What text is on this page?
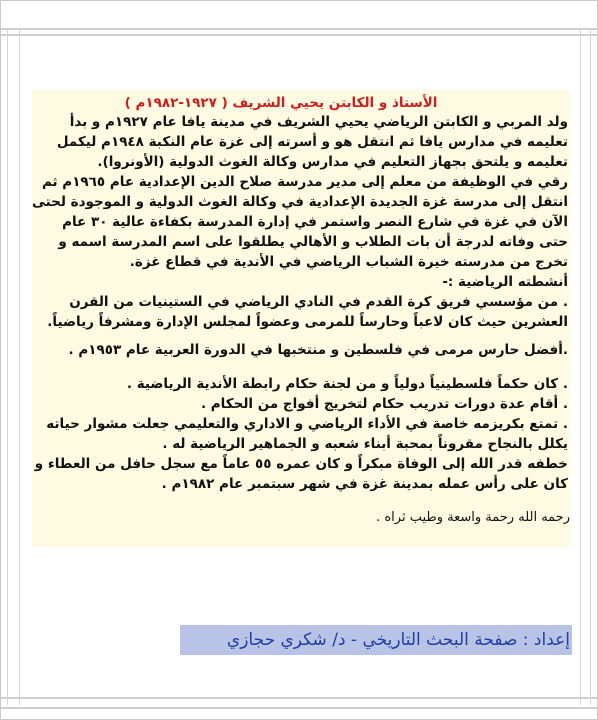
الأستاذ و الكابتن يحيي الشريف ( ١٩٢٧-١٩٨٢م )

ولد المربي و الكابتن الرياضي يحيي الشريف في مدينة يافا عام ١٩٢٧م و بدأ تعليمه في مدارس يافا ثم انتقل هو و أسرته إلى غزة عام النكبة ١٩٤٨م ليكمل تعليمه و يلتحق بجهاز التعليم في مدارس وكالة الغوث الدولية (الأونروا).

رقي في الوظيفة من معلم إلى مدير مدرسة صلاح الدين الإعدادية عام ١٩٦٥م ثم انتقل إلى مدرسة غزة الجديدة الإعدادية في وكالة الغوث الدولية و الموجودة لحتى الآن في غزة في شارع النصر واستمر في إدارة المدرسة بكفاءة عالية ٣٠ عام حتى وفاته لدرجة أن بات الطلاب و الأهالي يطلقوا على اسم المدرسة اسمه و تخرج من مدرسته خيرة الشباب الرياضي في الأندية في قطاع غزة.

أنشطته الرياضية :-

. من مؤسسي فريق كرة القدم في النادي الرياضي في الستينيات من القرن العشرين حيث كان لاعباً وحارساً للمرمى وعضواً لمجلس الإدارة ومشرفاً رياضياً.

.أفضل حارس مرمى في فلسطين و منتخبها في الدورة العربية عام ١٩٥٣م .

. كان حكماً فلسطينياً دولياً و من لجنة حكام رابطة الأندية الرياضية .

. أقام عدة دورات تدريب حكام لتخريج أفواج من الحكام .

. تمتع بكريزمه خاصة في الأداء الرياضي و الاداري والتعليمي جعلت مشوار حياته يكلل بالنجاح مقروناً بمحبة أبناء شعبه و الجماهير الرياضية له .

خطفه قدر الله إلى الوفاة مبكراً و كان عمره ٥٥ عاماً مع سجل حافل من العطاء و كان على رأس عمله بمدينة غزة في شهر سبتمبر عام ١٩٨٢م .

رحمه الله رحمة واسعة وطيب ثراه .

إعداد : صفحة البحث التاريخي - د/ شكري حجازي
